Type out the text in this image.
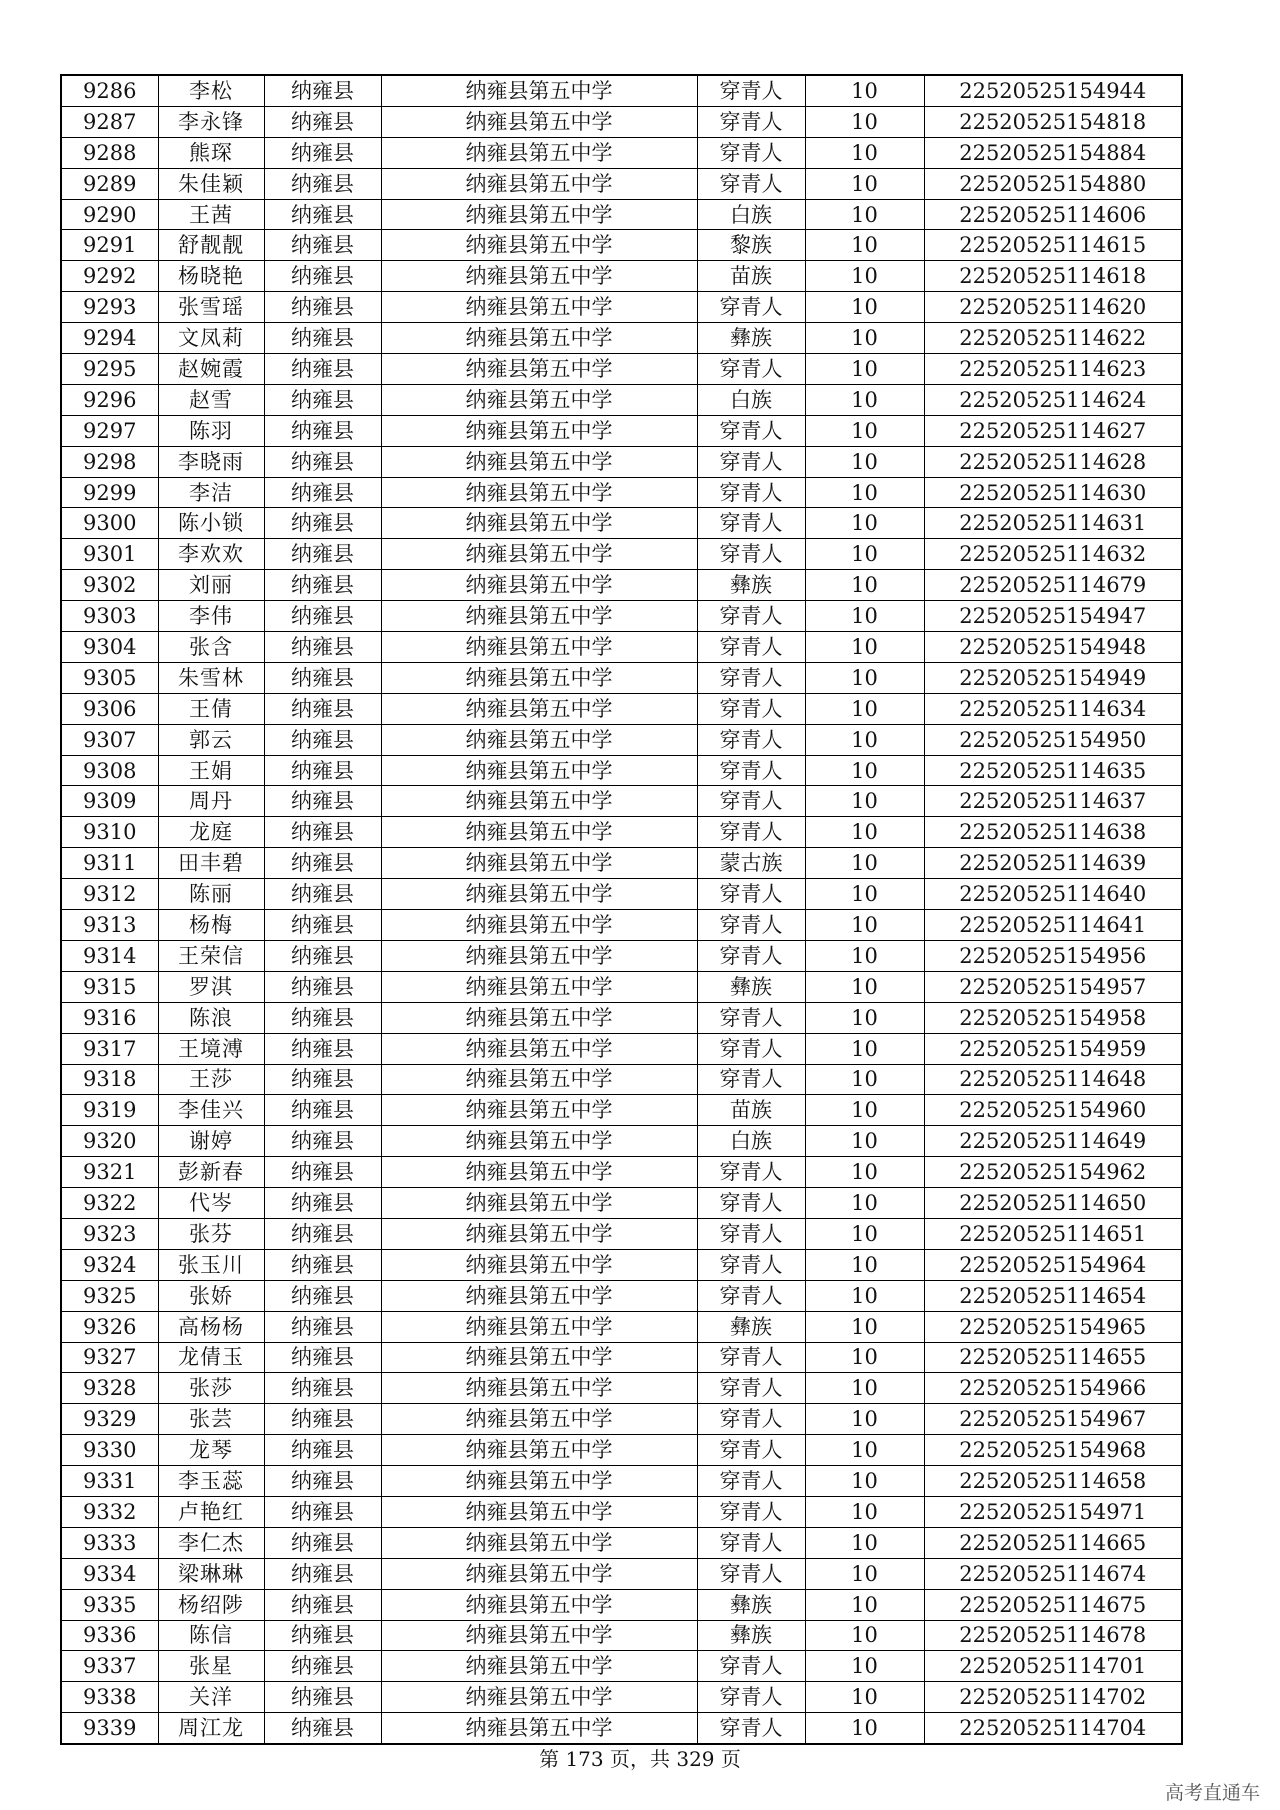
9286	李松	纳雍县	纳雍县第五中学	穿青人	10	22520525154944
9287	李永锋	纳雍县	纳雍县第五中学	穿青人	10	22520525154818
9288	熊琛	纳雍县	纳雍县第五中学	穿青人	10	22520525154884
9289	朱佳颖	纳雍县	纳雍县第五中学	穿青人	10	22520525154880
9290	王茜	纳雍县	纳雍县第五中学	白族	10	22520525114606
9291	舒靓靓	纳雍县	纳雍县第五中学	黎族	10	22520525114615
9292	杨晓艳	纳雍县	纳雍县第五中学	苗族	10	22520525114618
9293	张雪瑶	纳雍县	纳雍县第五中学	穿青人	10	22520525114620
9294	文凤莉	纳雍县	纳雍县第五中学	彝族	10	22520525114622
9295	赵婉霞	纳雍县	纳雍县第五中学	穿青人	10	22520525114623
9296	赵雪	纳雍县	纳雍县第五中学	白族	10	22520525114624
9297	陈羽	纳雍县	纳雍县第五中学	穿青人	10	22520525114627
9298	李晓雨	纳雍县	纳雍县第五中学	穿青人	10	22520525114628
9299	李洁	纳雍县	纳雍县第五中学	穿青人	10	22520525114630
9300	陈小锁	纳雍县	纳雍县第五中学	穿青人	10	22520525114631
9301	李欢欢	纳雍县	纳雍县第五中学	穿青人	10	22520525114632
9302	刘丽	纳雍县	纳雍县第五中学	彝族	10	22520525114679
9303	李伟	纳雍县	纳雍县第五中学	穿青人	10	22520525154947
9304	张含	纳雍县	纳雍县第五中学	穿青人	10	22520525154948
9305	朱雪林	纳雍县	纳雍县第五中学	穿青人	10	22520525154949
9306	王倩	纳雍县	纳雍县第五中学	穿青人	10	22520525114634
9307	郭云	纳雍县	纳雍县第五中学	穿青人	10	22520525154950
9308	王娟	纳雍县	纳雍县第五中学	穿青人	10	22520525114635
9309	周丹	纳雍县	纳雍县第五中学	穿青人	10	22520525114637
9310	龙庭	纳雍县	纳雍县第五中学	穿青人	10	22520525114638
9311	田丰碧	纳雍县	纳雍县第五中学	蒙古族	10	22520525114639
9312	陈丽	纳雍县	纳雍县第五中学	穿青人	10	22520525114640
9313	杨梅	纳雍县	纳雍县第五中学	穿青人	10	22520525114641
9314	王荣信	纳雍县	纳雍县第五中学	穿青人	10	22520525154956
9315	罗淇	纳雍县	纳雍县第五中学	彝族	10	22520525154957
9316	陈浪	纳雍县	纳雍县第五中学	穿青人	10	22520525154958
9317	王境溥	纳雍县	纳雍县第五中学	穿青人	10	22520525154959
9318	王莎	纳雍县	纳雍县第五中学	穿青人	10	22520525114648
9319	李佳兴	纳雍县	纳雍县第五中学	苗族	10	22520525154960
9320	谢婷	纳雍县	纳雍县第五中学	白族	10	22520525114649
9321	彭新春	纳雍县	纳雍县第五中学	穿青人	10	22520525154962
9322	代岑	纳雍县	纳雍县第五中学	穿青人	10	22520525114650
9323	张芬	纳雍县	纳雍县第五中学	穿青人	10	22520525114651
9324	张玉川	纳雍县	纳雍县第五中学	穿青人	10	22520525154964
9325	张娇	纳雍县	纳雍县第五中学	穿青人	10	22520525114654
9326	高杨杨	纳雍县	纳雍县第五中学	彝族	10	22520525154965
9327	龙倩玉	纳雍县	纳雍县第五中学	穿青人	10	22520525114655
9328	张莎	纳雍县	纳雍县第五中学	穿青人	10	22520525154966
9329	张芸	纳雍县	纳雍县第五中学	穿青人	10	22520525154967
9330	龙琴	纳雍县	纳雍县第五中学	穿青人	10	22520525154968
9331	李玉蕊	纳雍县	纳雍县第五中学	穿青人	10	22520525114658
9332	卢艳红	纳雍县	纳雍县第五中学	穿青人	10	22520525154971
9333	李仁杰	纳雍县	纳雍县第五中学	穿青人	10	22520525114665
9334	梁琳琳	纳雍县	纳雍县第五中学	穿青人	10	22520525114674
9335	杨绍陟	纳雍县	纳雍县第五中学	彝族	10	22520525114675
9336	陈信	纳雍县	纳雍县第五中学	彝族	10	22520525114678
9337	张星	纳雍县	纳雍县第五中学	穿青人	10	22520525114701
9338	关洋	纳雍县	纳雍县第五中学	穿青人	10	22520525114702
9339	周江龙	纳雍县	纳雍县第五中学	穿青人	10	22520525114704
第 173 页，共 329 页
高考直通车
